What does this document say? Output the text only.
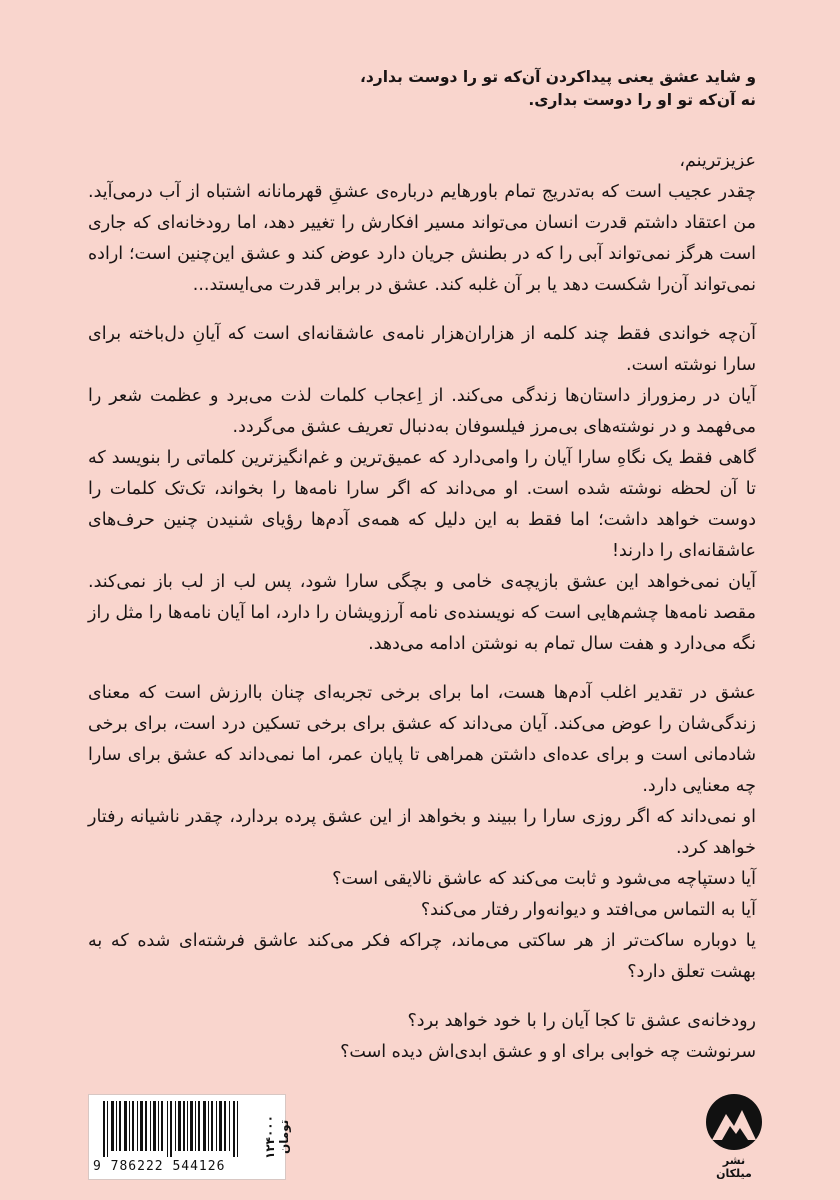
و شاید عشق یعنی پیداکردن آن‌که تو را دوست بدارد،
نه آن‌که تو او را دوست بداری.

عزیزترینم،

چقدر عجیب است که به‌تدریج تمام باورهایم درباره‌ی عشقِ قهرمانانه اشتباه از آب درمی‌آید. من اعتقاد داشتم قدرت انسان می‌تواند مسیر افکارش را تغییر دهد، اما رودخانه‌ای که جاری است هرگز نمی‌تواند آبی را که در بطنش جریان دارد عوض کند و عشق این‌چنین است؛ اراده نمی‌تواند آن‌را شکست دهد یا بر آن غلبه کند. عشق در برابر قدرت می‌ایستد...

آن‌چه خواندی فقط چند کلمه از هزاران‌هزار نامه‌ی عاشقانه‌ای است که آیانِ دل‌باخته برای سارا نوشته است.

آیان در رمزوراز داستان‌ها زندگی می‌کند. از اِعجاب کلمات لذت می‌برد و عظمت شعر را می‌فهمد و در نوشته‌های بی‌مرز فیلسوفان به‌دنبال تعریف عشق می‌گردد.

گاهی فقط یک نگاهِ سارا آیان را وامی‌دارد که عمیق‌ترین و غم‌انگیزترین کلماتی را بنویسد که تا آن لحظه نوشته شده است. او می‌داند که اگر سارا نامه‌ها را بخواند، تک‌تک کلمات را دوست خواهد داشت؛ اما فقط به این دلیل که همه‌ی آدم‌ها رؤیای شنیدن چنین حرف‌های عاشقانه‌ای را دارند!

آیان نمی‌خواهد این عشق بازیچه‌ی خامی و بچگی سارا شود، پس لب از لب باز نمی‌کند. مقصد نامه‌ها چشم‌هایی است که نویسنده‌ی نامه آرزویشان را دارد، اما آیان نامه‌ها را مثل راز نگه می‌دارد و هفت سال تمام به نوشتن ادامه می‌دهد.

عشق در تقدیر اغلب آدم‌ها هست، اما برای برخی تجربه‌ای چنان باارزش است که معنای زندگی‌شان را عوض می‌کند. آیان می‌داند که عشق برای برخی تسکین درد است، برای برخی شادمانی است و برای عده‌ای داشتن همراهی تا پایان عمر، اما نمی‌داند که عشق برای سارا چه معنایی دارد.

او نمی‌داند که اگر روزی سارا را ببیند و بخواهد از این عشق پرده بردارد، چقدر ناشیانه رفتار خواهد کرد.

آیا دستپاچه می‌شود و ثابت می‌کند که عاشق نالایقی است؟

آیا به التماس می‌افتد و دیوانه‌وار رفتار می‌کند؟

یا دوباره ساکت‌تر از هر ساکتی می‌ماند، چراکه فکر می‌کند عاشق فرشته‌ای شده که به بهشت تعلق دارد؟

رودخانه‌ی عشق تا کجا آیان را با خود خواهد برد؟

سرنوشت چه خوابی برای او و عشق ابدی‌اش دیده است؟

9 786222 544126
۱۲۴۰۰۰ تومان
نشر میلکان
